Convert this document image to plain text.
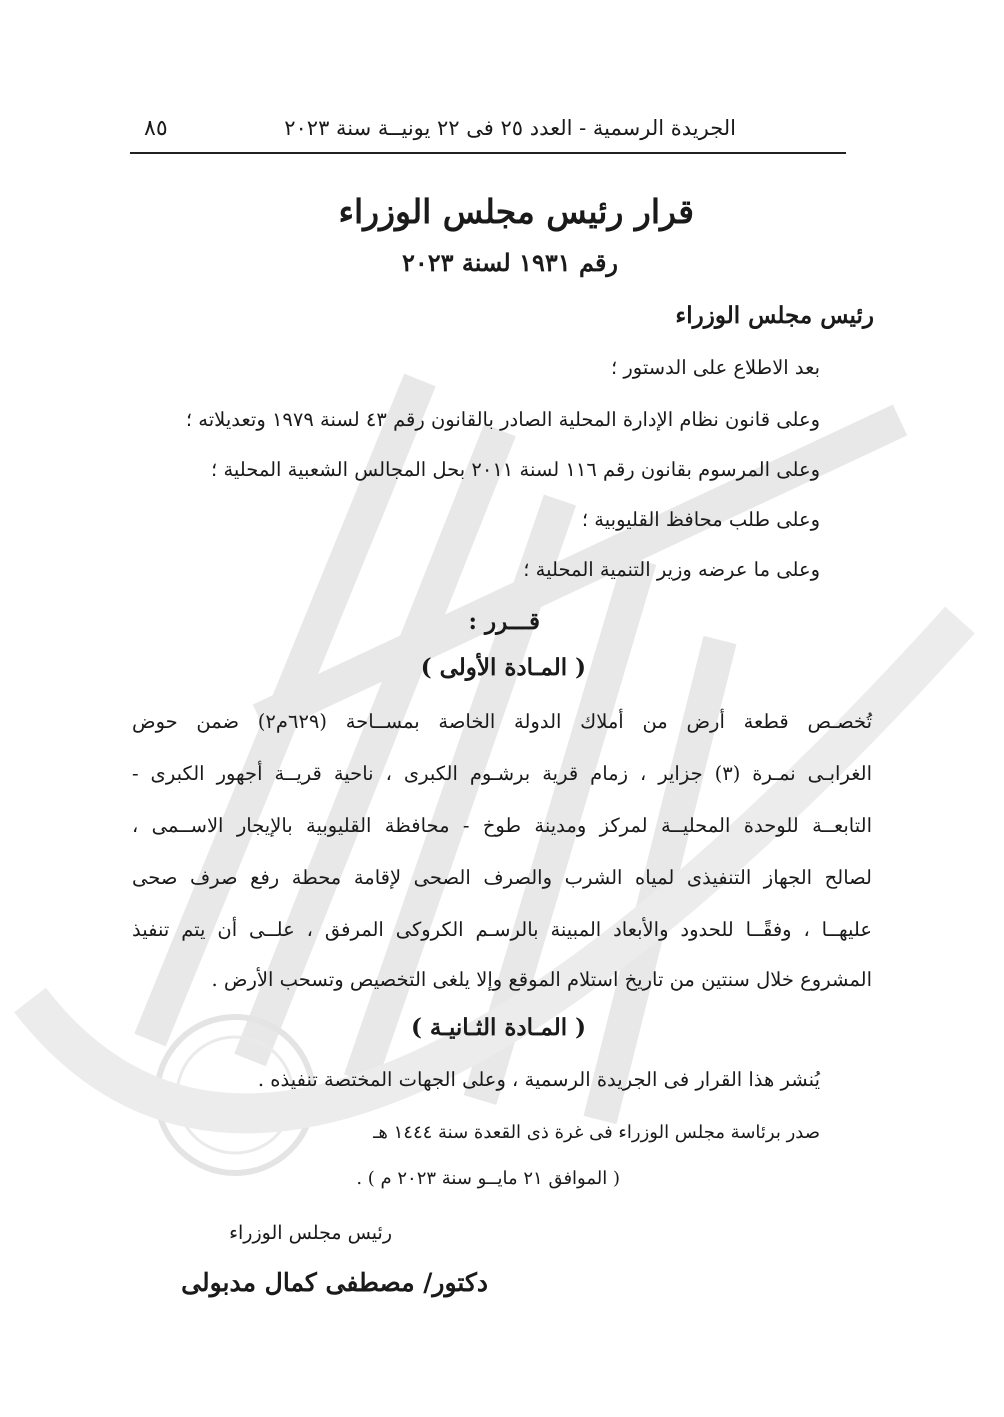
الجريدة الرسمية - العدد ٢٥ فى ٢٢ يونيــة سنة ٢٠٢٣
٨٥
قرار رئيس مجلس الوزراء
رقم ١٩٣١ لسنة ٢٠٢٣
رئيس مجلس الوزراء
بعد الاطلاع على الدستور ؛
وعلى قانون نظام الإدارة المحلية الصادر بالقانون رقم ٤٣ لسنة ١٩٧٩ وتعديلاته ؛
وعلى المرسوم بقانون رقم ١١٦ لسنة ٢٠١١ بحل المجالس الشعبية المحلية ؛
وعلى طلب محافظ القليوبية ؛
وعلى ما عرضه وزير التنمية المحلية ؛
قـــرر :
( المـادة الأولى )
تُخصـص قطعة أرض من أملاك الدولة الخاصة بمســاحة (٦٢٩م٢) ضمن حوض
الغرابـى نمـرة (٣) جزاير ، زمام قرية برشـوم الكبرى ، ناحية قريــة أجهور الكبرى -
التابعــة للوحدة المحليــة لمركز ومدينة طوخ - محافظة القليوبية بالإيجار الاســمى ،
لصالح الجهاز التنفيذى لمياه الشرب والصرف الصحى لإقامة محطة رفع صرف صحى
عليهــا ، وفقًــا للحدود والأبعاد المبينة بالرسـم الكروكى المرفق ، علــى أن يتم تنفيذ
المشروع خلال سنتين من تاريخ استلام الموقع وإلا يلغى التخصيص وتسحب الأرض .
( المـادة الثـانيـة )
يُنشر هذا القرار فى الجريدة الرسمية ، وعلى الجهات المختصة تنفيذه .
صدر برئاسة مجلس الوزراء فى غرة ذى القعدة سنة ١٤٤٤ هـ
( الموافق ٢١ مايــو سنة ٢٠٢٣ م ) .
رئيس مجلس الوزراء
دكتور/ مصطفى كمال مدبولى
